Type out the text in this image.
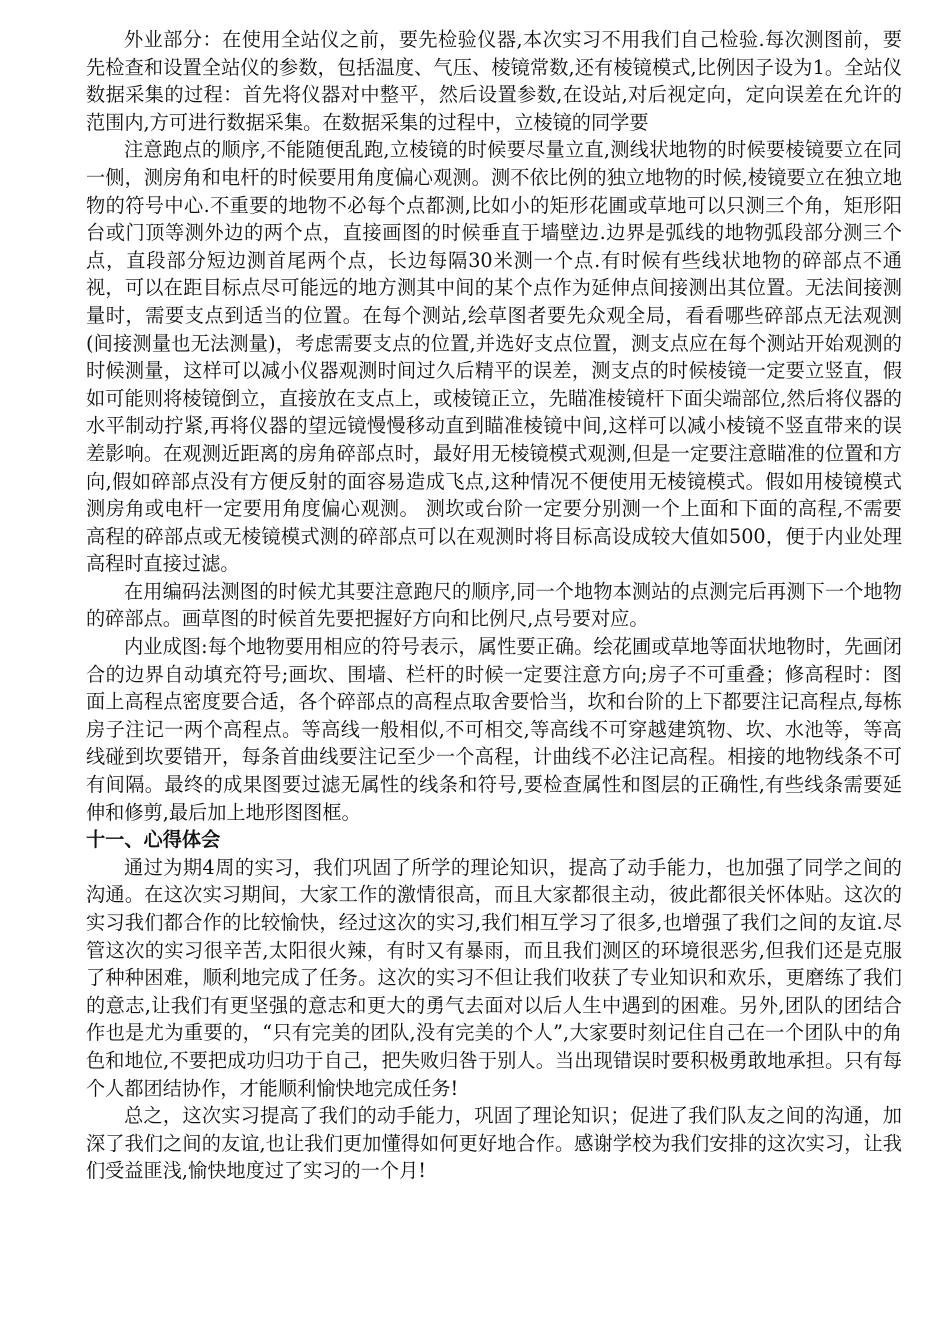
外业部分：在使用全站仪之前，要先检验仪器,本次实习不用我们自己检验.每次测图前，要先检查和设置全站仪的参数，包括温度、气压、棱镜常数,还有棱镜模式,比例因子设为1。全站仪数据采集的过程：首先将仪器对中整平，然后设置参数,在设站,对后视定向，定向误差在允许的范围内,方可进行数据采集。在数据采集的过程中，立棱镜的同学要

注意跑点的顺序,不能随便乱跑,立棱镜的时候要尽量立直,测线状地物的时候要棱镜要立在同一侧，测房角和电杆的时候要用角度偏心观测。测不依比例的独立地物的时候,棱镜要立在独立地物的符号中心.不重要的地物不必每个点都测,比如小的矩形花圃或草地可以只测三个角，矩形阳台或门顶等测外边的两个点，直接画图的时候垂直于墙壁边.边界是弧线的地物弧段部分测三个点，直段部分短边测首尾两个点，长边每隔30米测一个点.有时候有些线状地物的碎部点不通视，可以在距目标点尽可能远的地方测其中间的某个点作为延伸点间接测出其位置。无法间接测量时，需要支点到适当的位置。在每个测站,绘草图者要先众观全局，看看哪些碎部点无法观测(间接测量也无法测量)，考虑需要支点的位置,并选好支点位置，测支点应在每个测站开始观测的时候测量，这样可以减小仪器观测时间过久后精平的误差，测支点的时候棱镜一定要立竖直，假如可能则将棱镜倒立，直接放在支点上，或棱镜正立，先瞄准棱镜杆下面尖端部位,然后将仪器的水平制动拧紧,再将仪器的望远镜慢慢移动直到瞄准棱镜中间,这样可以减小棱镜不竖直带来的误差影响。在观测近距离的房角碎部点时，最好用无棱镜模式观测,但是一定要注意瞄准的位置和方向,假如碎部点没有方便反射的面容易造成飞点,这种情况不便使用无棱镜模式。假如用棱镜模式测房角或电杆一定要用角度偏心观测。 测坎或台阶一定要分别测一个上面和下面的高程,不需要高程的碎部点或无棱镜模式测的碎部点可以在观测时将目标高设成较大值如500，便于内业处理高程时直接过滤。

在用编码法测图的时候尤其要注意跑尺的顺序,同一个地物本测站的点测完后再测下一个地物的碎部点。画草图的时候首先要把握好方向和比例尺,点号要对应。

内业成图:每个地物要用相应的符号表示，属性要正确。绘花圃或草地等面状地物时，先画闭合的边界自动填充符号;画坎、围墙、栏杆的时候一定要注意方向;房子不可重叠；修高程时：图面上高程点密度要合适，各个碎部点的高程点取舍要恰当，坎和台阶的上下都要注记高程点,每栋房子注记一两个高程点。等高线一般相似,不可相交,等高线不可穿越建筑物、坎、水池等，等高线碰到坎要错开，每条首曲线要注记至少一个高程，计曲线不必注记高程。相接的地物线条不可有间隔。最终的成果图要过滤无属性的线条和符号,要检查属性和图层的正确性,有些线条需要延伸和修剪,最后加上地形图图框。

十一、心得体会

通过为期4周的实习，我们巩固了所学的理论知识，提高了动手能力，也加强了同学之间的沟通。在这次实习期间，大家工作的激情很高，而且大家都很主动，彼此都很关怀体贴。这次的实习我们都合作的比较愉快，经过这次的实习,我们相互学习了很多,也增强了我们之间的友谊.尽管这次的实习很辛苦,太阳很火辣，有时又有暴雨，而且我们测区的环境很恶劣,但我们还是克服了种种困难，顺利地完成了任务。这次的实习不但让我们收获了专业知识和欢乐，更磨练了我们的意志,让我们有更坚强的意志和更大的勇气去面对以后人生中遇到的困难。另外,团队的团结合作也是尤为重要的，“只有完美的团队,没有完美的个人”,大家要时刻记住自己在一个团队中的角色和地位,不要把成功归功于自己，把失败归咎于别人。当出现错误时要积极勇敢地承担。只有每个人都团结协作，才能顺利愉快地完成任务!

总之，这次实习提高了我们的动手能力，巩固了理论知识；促进了我们队友之间的沟通，加深了我们之间的友谊,也让我们更加懂得如何更好地合作。感谢学校为我们安排的这次实习，让我们受益匪浅,愉快地度过了实习的一个月!
